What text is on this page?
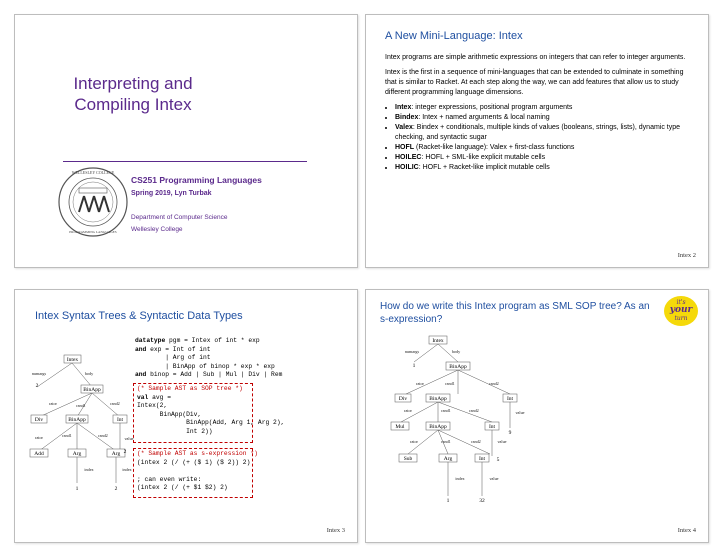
Interpreting and
Compiling Intex
WELLESLEY COLLEGE
PROGRAMMING LANGUAGES
CS251 Programming Languages
Spring 2019, Lyn Turbak
Department of Computer Science
Wellesley College
A New Mini-Language: Intex

Intex programs are simple arithmetic expressions on integers that can refer to integer arguments.

Intex is the first in a sequence of mini-languages that can be extended to culminate in something that is similar to Racket. At each step along the way, we can add features that allow us to study different programming language dimensions.

• Intex: integer expressions, positional program arguments
• Bindex: Intex + named arguments & local naming
• Valex: Bindex + conditionals, multiple kinds of values (booleans, strings, lists), dynamic type checking, and syntactic sugar
• HOFL (Racket-like language): Valex + first-class functions
• HOILEC: HOFL + SML-like explicit mutable cells
• HOILIC: HOFL + Racket-like implicit mutable cells
Intex 2
Intex Syntax Trees & Syntactic Data Types
datatype pgm = Intex of int * exp
and exp = Int of int
| Arg of int
| BinApp of binop * exp * exp
and binop = Add | Sub | Mul | Div | Rem
(* Sample AST as SOP tree *)
val avg =
Intex(2,
BinApp(Div,
BinApp(Add, Arg 1, Arg 2),
Int 2))
(* Sample AST as s-expression *)
(intex 2 (/ (+ ($ 1) ($ 2)) 2)

; can even write:
(intex 2 (/ (+ $1 $2) 2)
Intex
BinApp
Div	BinApp	Int
Add	Arg	Arg
2
2
1	2
numargs	body
rator	rand1	rand2
rator	rand1	rand2
value
index	index
Intex 3
How do we write this Intex program as SML SOP tree? As an s-expression?
it's
your
turn
Intex
BinApp
Div	BinApp	Int
Mul	BinApp	Int
Sub	Arg	Int
1
9
5
1	32
numargs	body
rator	rand1	rand2
rator	rand1	rand2	value
rator	rand1	rand2	value
index	value
Intex 4
